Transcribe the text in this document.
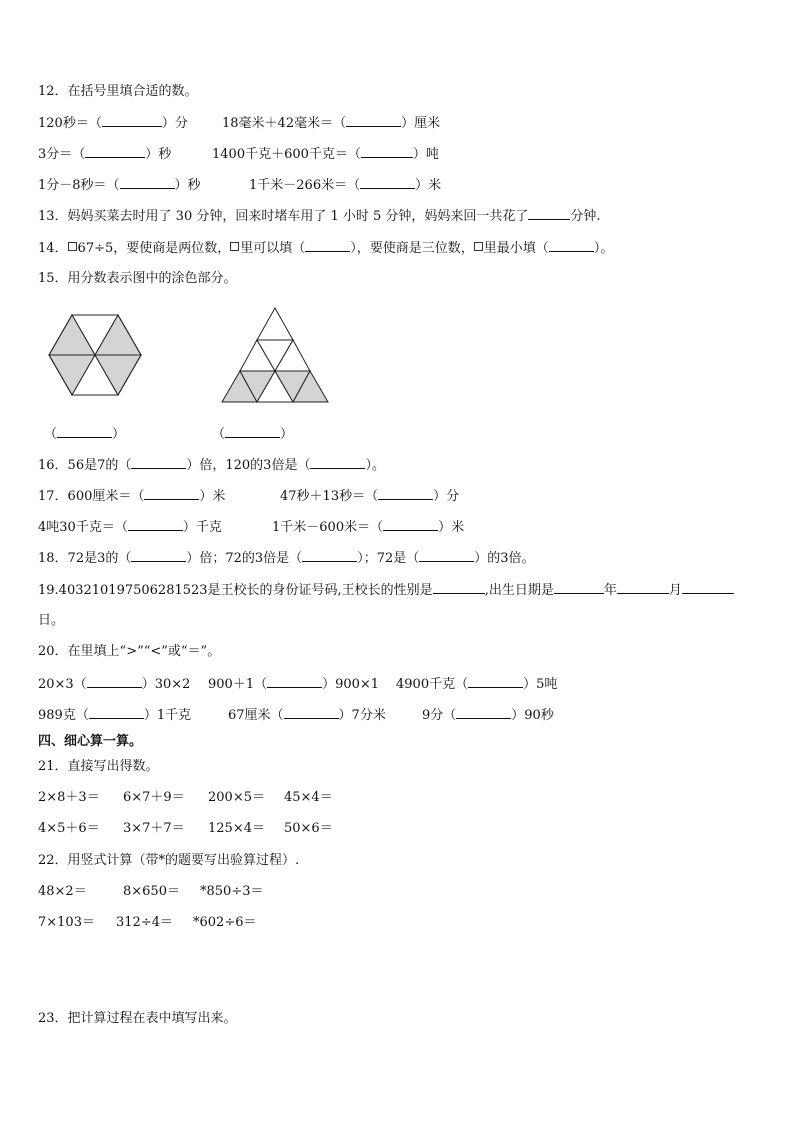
12．在括号里填合适的数。
120秒＝（	）分	18毫米＋42毫米＝（	）厘米
3分＝（	）秒	1400千克＋600千克＝（	）吨
1分－8秒＝（	）秒	1千米－266米＝（	）米
13．妈妈买菜去时用了 30 分钟，回来时堵车用了 1 小时 5 分钟，妈妈来回一共花了	分钟.
14． 67÷5，要使商是两位数， 里可以填（	），要使商是三位数， 里最小填（	）。
15．用分数表示图中的涂色部分。
（	）	（	）
16．56是7的（	）倍，120的3倍是（	）。
17．600厘米＝（	）米	47秒＋13秒＝（	）分
4吨30千克＝（	）千克	1千米－600米＝（	）米
18．72是3的（	）倍；72的3倍是（	）；72是（	）的3倍。
19.403210197506281523是王校长的身份证号码,王校长的性别是	,出生日期是	年	月
日。
20．在里填上“>”“<”或“＝”。
20×3（	）30×2 900＋1（	）900×1 4900千克（	）5吨
989克（	）1千克	67厘米（	）7分米	9分（	）90秒
四、细心算一算。
21．直接写出得数。
2×8＋3＝ 6×7＋9＝ 200×5＝ 45×4＝
4×5＋6＝ 3×7＋7＝ 125×4＝ 50×6＝
22．用竖式计算（带*的题要写出验算过程）.
48×2＝	8×650＝ *850÷3＝
7×103＝ 312÷4＝ *602÷6＝
23．把计算过程在表中填写出来。
